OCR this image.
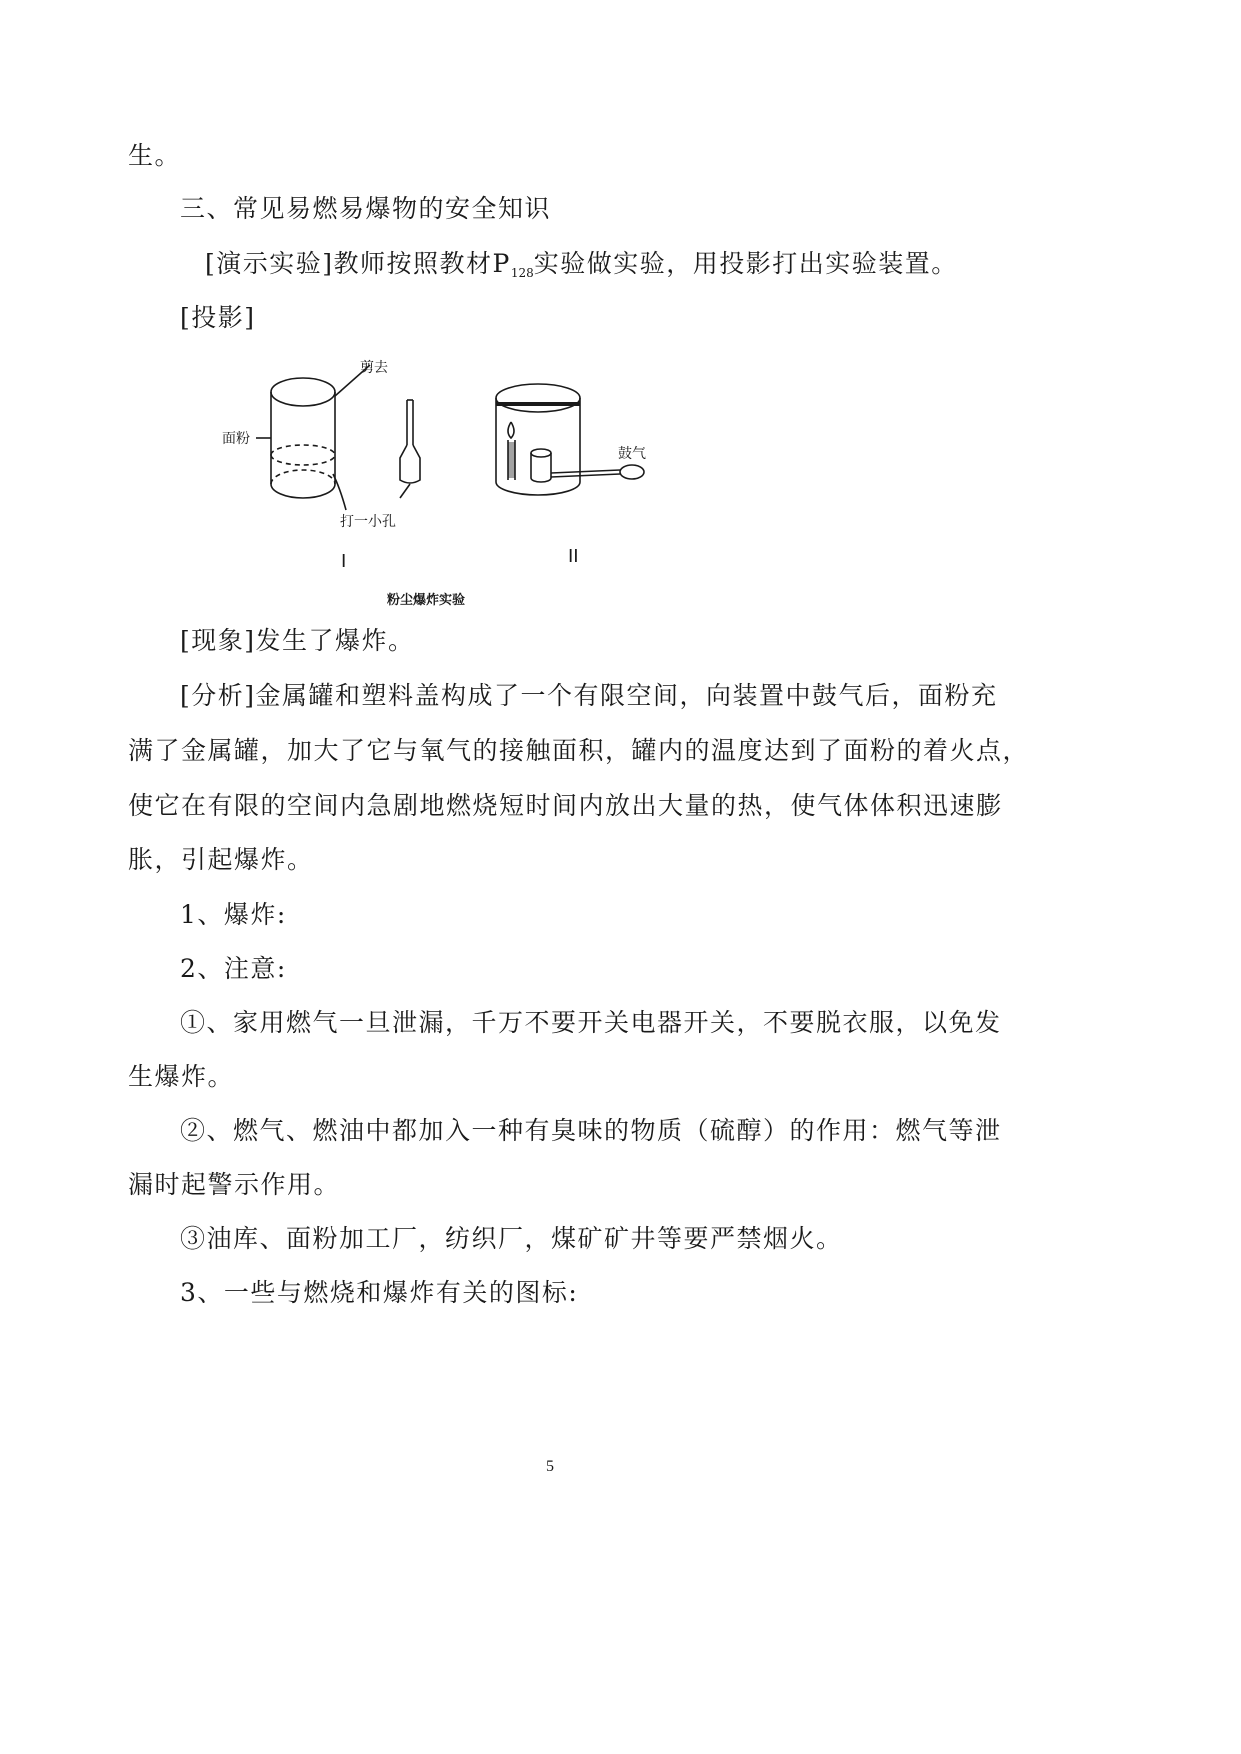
生。
三、常见易燃易爆物的安全知识
[演示实验]教师按照教材$P_{128}$实验做实验，用投影打出实验装置。
[投影]
剪去
面粉
打一小孔
鼓气
I	II
粉尘爆炸实验
[现象]发生了爆炸。
[分析]金属罐和塑料盖构成了一个有限空间，向装置中鼓气后，面粉充
满了金属罐，加大了它与氧气的接触面积，罐内的温度达到了面粉的着火点，
使它在有限的空间内急剧地燃烧短时间内放出大量的热，使气体体积迅速膨
胀，引起爆炸。
1、爆炸:
2、注意:
①、家用燃气一旦泄漏，千万不要开关电器开关，不要脱衣服，以免发
生爆炸。
②、燃气、燃油中都加入一种有臭味的物质（硫醇）的作用：燃气等泄
漏时起警示作用。
③油库、面粉加工厂，纺织厂，煤矿矿井等要严禁烟火。
3、一些与燃烧和爆炸有关的图标:
5
